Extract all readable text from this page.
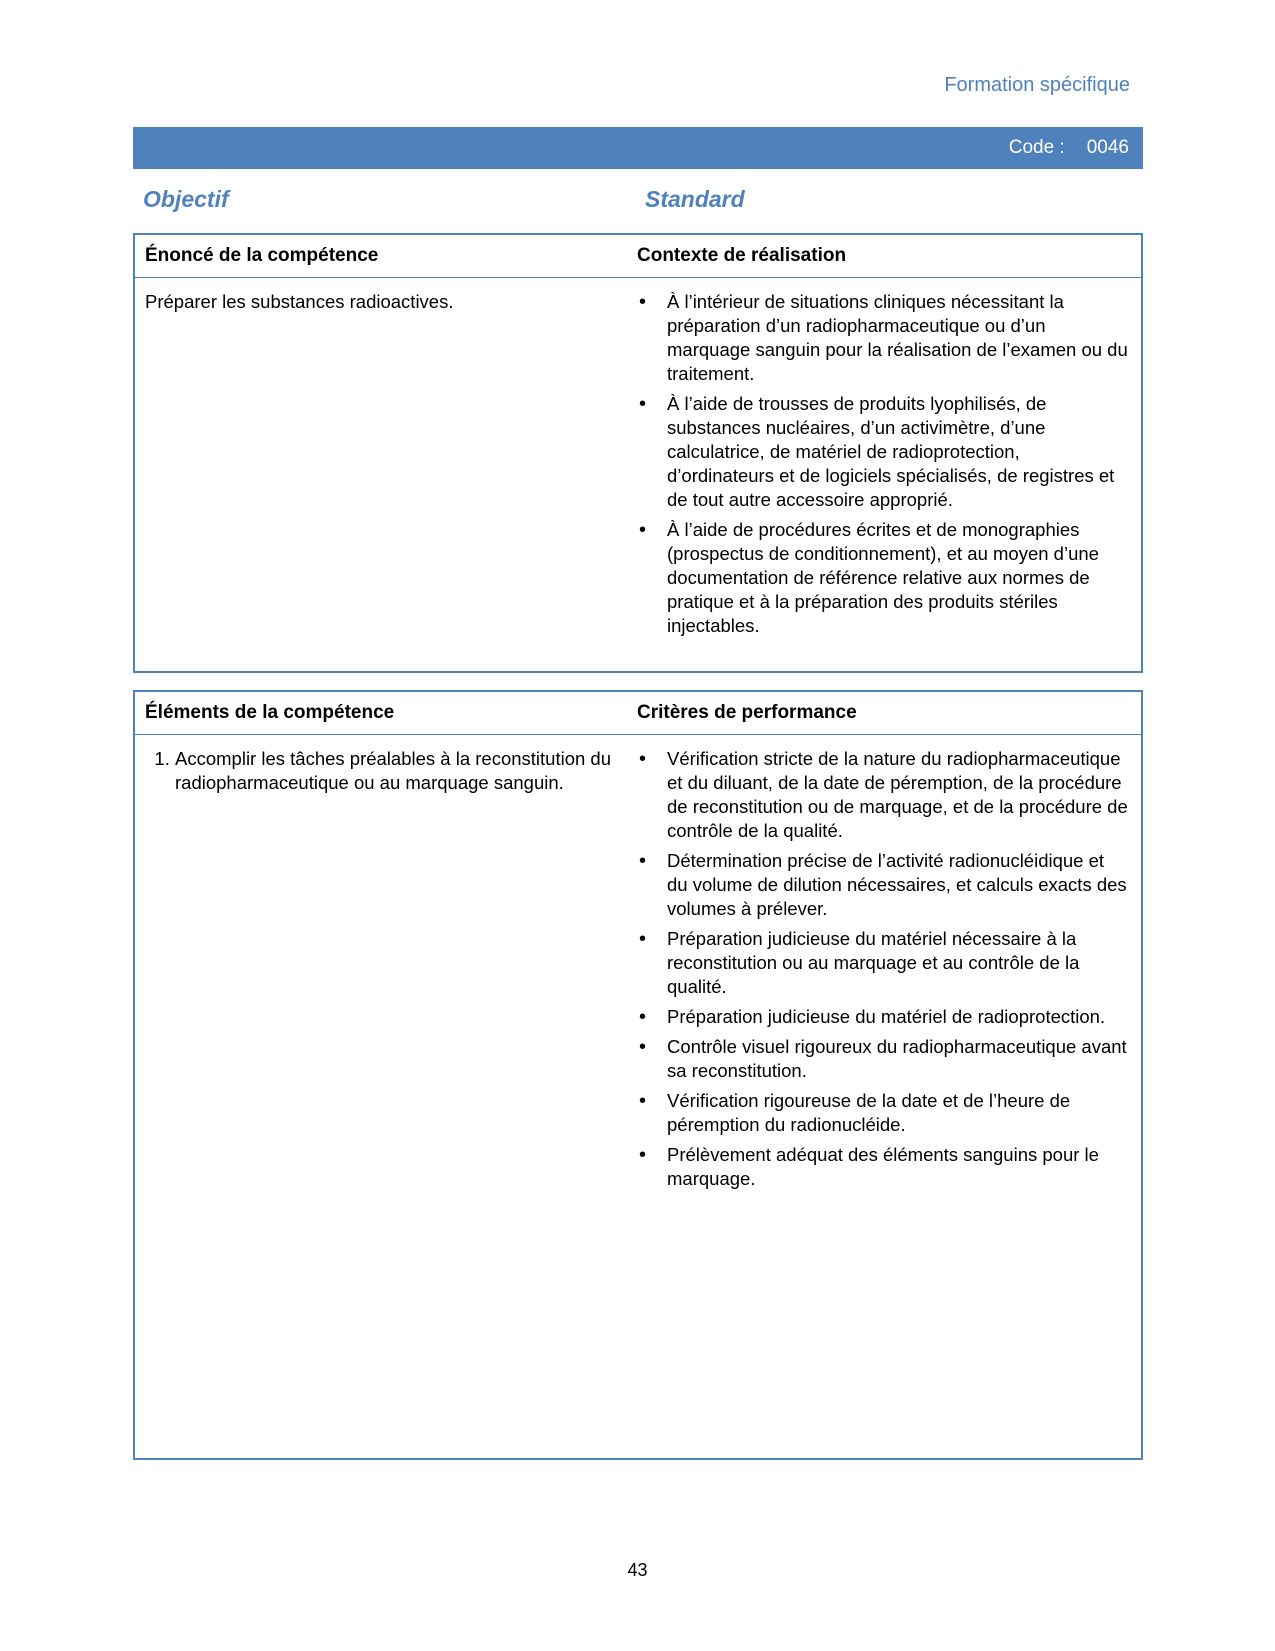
Formation spécifique
Code : 0046
Objectif	Standard
Énoncé de la compétence	Contexte de réalisation
Préparer les substances radioactives.
•	À l’intérieur de situations cliniques nécessitant la préparation d’un radiopharmaceutique ou d’un marquage sanguin pour la réalisation de l’examen ou du traitement.
• À l’aide de trousses de produits lyophilisés, de substances nucléaires, d’un activimètre, d’une calculatrice, de matériel de radioprotection, d’ordinateurs et de logiciels spécialisés, de registres et de tout autre accessoire approprié.
• À l’aide de procédures écrites et de monographies (prospectus de conditionnement), et au moyen d’une documentation de référence relative aux normes de pratique et à la préparation des produits stériles injectables.
Éléments de la compétence	Critères de performance
1. Accomplir les tâches préalables à la reconstitution du radiopharmaceutique ou au marquage sanguin.
• Vérification stricte de la nature du radiopharmaceutique et du diluant, de la date de péremption, de la procédure de reconstitution ou de marquage, et de la procédure de contrôle de la qualité.
• Détermination précise de l’activité radionucléidique et du volume de dilution nécessaires, et calculs exacts des volumes à prélever.
• Préparation judicieuse du matériel nécessaire à la reconstitution ou au marquage et au contrôle de la qualité.
• Préparation judicieuse du matériel de radioprotection.
• Contrôle visuel rigoureux du radiopharmaceutique avant sa reconstitution.
• Vérification rigoureuse de la date et de l’heure de péremption du radionucléide.
• Prélèvement adéquat des éléments sanguins pour le marquage.
43
